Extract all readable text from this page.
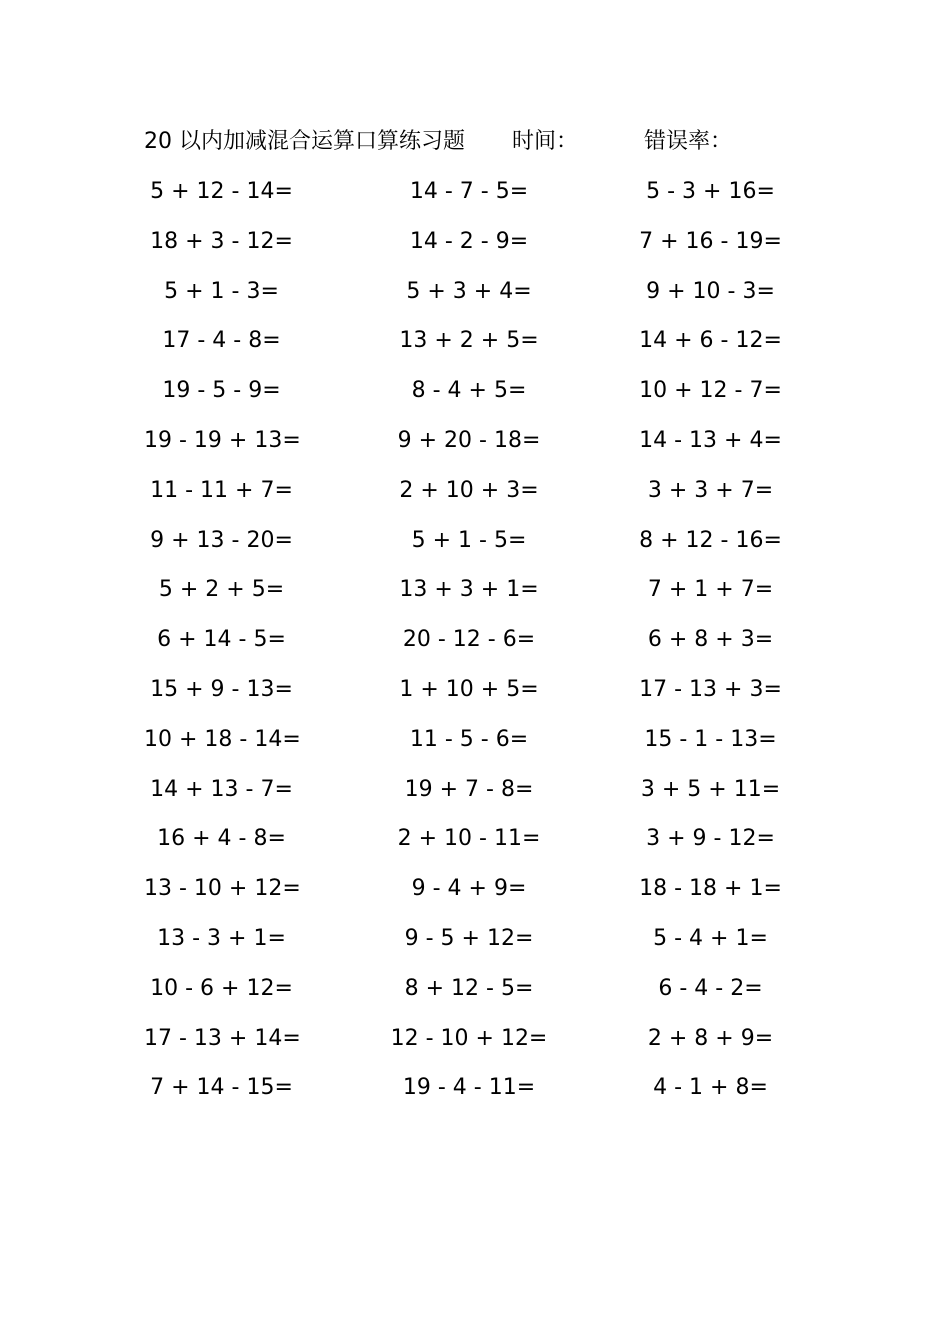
20 以内加减混合运算口算练习题 时间：	错误率：
5 + 12 - 14=	14 - 7 - 5=	5 - 3 + 16=
18 + 3 - 12=	14 - 2 - 9=	7 + 16 - 19=
5 + 1 - 3=	5 + 3 + 4=	9 + 10 - 3=
17 - 4 - 8=	13 + 2 + 5=	14 + 6 - 12=
19 - 5 - 9=	8 - 4 + 5=	10 + 12 - 7=
19 - 19 + 13=	9 + 20 - 18=	14 - 13 + 4=
11 - 11 + 7=	2 + 10 + 3=	3 + 3 + 7=
9 + 13 - 20=	5 + 1 - 5=	8 + 12 - 16=
5 + 2 + 5=	13 + 3 + 1=	7 + 1 + 7=
6 + 14 - 5=	20 - 12 - 6=	6 + 8 + 3=
15 + 9 - 13=	1 + 10 + 5=	17 - 13 + 3=
10 + 18 - 14=	11 - 5 - 6=	15 - 1 - 13=
14 + 13 - 7=	19 + 7 - 8=	3 + 5 + 11=
16 + 4 - 8=	2 + 10 - 11=	3 + 9 - 12=
13 - 10 + 12=	9 - 4 + 9=	18 - 18 + 1=
13 - 3 + 1=	9 - 5 + 12=	5 - 4 + 1=
10 - 6 + 12=	8 + 12 - 5=	6 - 4 - 2=
17 - 13 + 14=	12 - 10 + 12=	2 + 8 + 9=
7 + 14 - 15=	19 - 4 - 11=	4 - 1 + 8=
